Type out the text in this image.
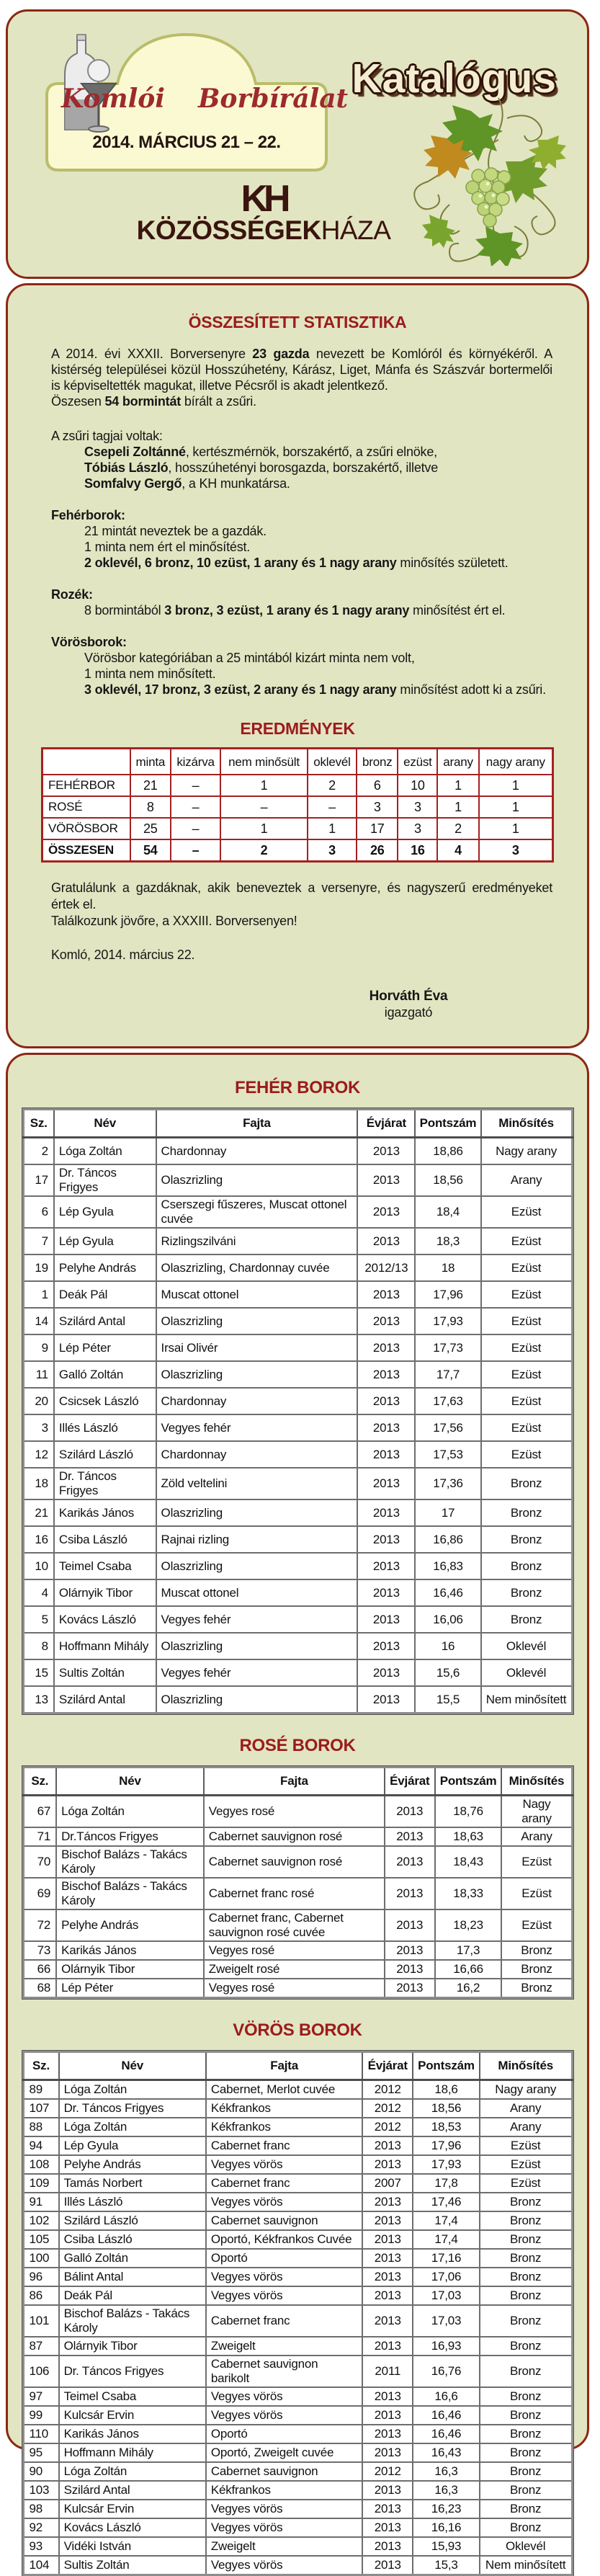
Komlói Borbírálat
2014. MÁRCIUS 21 – 22.
Katalógus
KH
KÖZÖSSÉGEKHÁZA
ÖSSZESÍTETT STATISZTIKA

A 2014. évi XXXII. Borversenyre 23 gazda nevezett be Komlóról és környékéről. A kistérség települései közül Hosszúhetény, Kárász, Liget, Mánfa és Szászvár bortermelői is képviseltették magukat, illetve Pécsről is akadt jelentkező.

Öszesen 54 bormintát bírált a zsűri.

A zsűri tagjai voltak:

Csepeli Zoltánné, kertészmérnök, borszakértő, a zsűri elnöke,
Tóbiás László, hosszúhetényi borosgazda, borszakértő, illetve
Somfalvy Gergő, a KH munkatársa.

Fehérborok:

21 mintát neveztek be a gazdák.
1 minta nem ért el minősítést.
2 oklevél, 6 bronz, 10 ezüst, 1 arany és 1 nagy arany minősítés született.

Rozék:

8 bormintából 3 bronz, 3 ezüst, 1 arany és 1 nagy arany minősítést ért el.

Vörösborok:

Vörösbor kategóriában a 25 mintából kizárt minta nem volt,
1 minta nem minősített.
3 oklevél, 17 bronz, 3 ezüst, 2 arany és 1 nagy arany minősítést adott ki a zsűri.
EREDMÉNYEK
	minta	kizárva	nem minősült	oklevél	bronz	ezüst	arany	nagy arany
FEHÉRBOR	21	–	1	2	6	10	1	1
ROSÉ	8	–	–	–	3	3	1	1
VÖRÖSBOR	25	–	1	1	17	3	2	1
ÖSSZESEN	54	–	2	3	26	16	4	3

Gratulálunk a gazdáknak, akik beneveztek a versenyre, és nagyszerű eredményeket értek el.

Találkozunk jövőre, a XXXIII. Borversenyen!

Komló, 2014. március 22.

Horváth Éva
igazgató
FEHÉR BOROK
Sz.	Név	Fajta	Évjárat	Pontszám	Minősítés
2	Lóga Zoltán	Chardonnay	2013	18,86	Nagy arany
17	Dr. Táncos Frigyes	Olaszrizling	2013	18,56	Arany
6	Lép Gyula	Cserszegi fűszeres, Muscat ottonel cuvée	2013	18,4	Ezüst
7	Lép Gyula	Rizlingszilváni	2013	18,3	Ezüst
19	Pelyhe András	Olaszrizling, Chardonnay cuvée	2012/13	18	Ezüst
1	Deák Pál	Muscat ottonel	2013	17,96	Ezüst
14	Szilárd Antal	Olaszrizling	2013	17,93	Ezüst
9	Lép Péter	Irsai Olivér	2013	17,73	Ezüst
11	Galló Zoltán	Olaszrizling	2013	17,7	Ezüst
20	Csicsek László	Chardonnay	2013	17,63	Ezüst
3	Illés László	Vegyes fehér	2013	17,56	Ezüst
12	Szilárd László	Chardonnay	2013	17,53	Ezüst
18	Dr. Táncos Frigyes	Zöld veltelini	2013	17,36	Bronz
21	Karikás János	Olaszrizling	2013	17	Bronz
16	Csiba László	Rajnai rizling	2013	16,86	Bronz
10	Teimel Csaba	Olaszrizling	2013	16,83	Bronz
4	Olárnyik Tibor	Muscat ottonel	2013	16,46	Bronz
5	Kovács László	Vegyes fehér	2013	16,06	Bronz
8	Hoffmann Mihály	Olaszrizling	2013	16	Oklevél
15	Sultis Zoltán	Vegyes fehér	2013	15,6	Oklevél
13	Szilárd Antal	Olaszrizling	2013	15,5	Nem minősített
ROSÉ BOROK
Sz.	Név	Fajta	Évjárat	Pontszám	Minősítés
67	Lóga Zoltán	Vegyes rosé	2013	18,76	Nagy arany
71	Dr.Táncos Frigyes	Cabernet sauvignon rosé	2013	18,63	Arany
70	Bischof Balázs - Takács Károly	Cabernet sauvignon rosé	2013	18,43	Ezüst
69	Bischof Balázs - Takács Károly	Cabernet franc rosé	2013	18,33	Ezüst
72	Pelyhe András	Cabernet franc, Cabernet sauvignon rosé cuvée	2013	18,23	Ezüst
73	Karikás János	Vegyes rosé	2013	17,3	Bronz
66	Olárnyik Tibor	Zweigelt rosé	2013	16,66	Bronz
68	Lép Péter	Vegyes rosé	2013	16,2	Bronz
VÖRÖS BOROK
Sz.	Név	Fajta	Évjárat	Pontszám	Minősítés
89	Lóga Zoltán	Cabernet, Merlot cuvée	2012	18,6	Nagy arany
107	Dr. Táncos Frigyes	Kékfrankos	2012	18,56	Arany
88	Lóga Zoltán	Kékfrankos	2012	18,53	Arany
94	Lép Gyula	Cabernet franc	2013	17,96	Ezüst
108	Pelyhe András	Vegyes vörös	2013	17,93	Ezüst
109	Tamás Norbert	Cabernet franc	2007	17,8	Ezüst
91	Illés László	Vegyes vörös	2013	17,46	Bronz
102	Szilárd László	Cabernet sauvignon	2013	17,4	Bronz
105	Csiba László	Oportó, Kékfrankos Cuvée	2013	17,4	Bronz
100	Galló Zoltán	Oportó	2013	17,16	Bronz
96	Bálint Antal	Vegyes vörös	2013	17,06	Bronz
86	Deák Pál	Vegyes vörös	2013	17,03	Bronz
101	Bischof Balázs - Takács Károly	Cabernet franc	2013	17,03	Bronz
87	Olárnyik Tibor	Zweigelt	2013	16,93	Bronz
106	Dr. Táncos Frigyes	Cabernet sauvignon barikolt	2011	16,76	Bronz
97	Teimel Csaba	Vegyes vörös	2013	16,6	Bronz
99	Kulcsár Ervin	Vegyes vörös	2013	16,46	Bronz
110	Karikás János	Oportó	2013	16,46	Bronz
95	Hoffmann Mihály	Oportó, Zweigelt cuvée	2013	16,43	Bronz
90	Lóga Zoltán	Cabernet sauvignon	2012	16,3	Bronz
103	Szilárd Antal	Kékfrankos	2013	16,3	Bronz
98	Kulcsár Ervin	Vegyes vörös	2013	16,23	Bronz
92	Kovács László	Vegyes vörös	2013	16,16	Bronz
93	Vidéki István	Zweigelt	2013	15,93	Oklevél
104	Sultis Zoltán	Vegyes vörös	2013	15,3	Nem minősített
